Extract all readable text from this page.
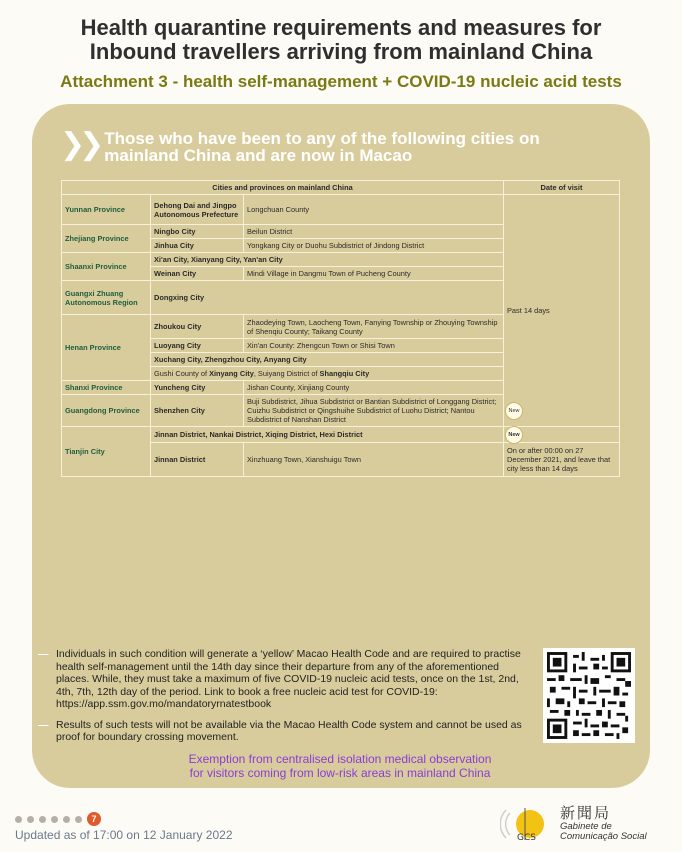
Health quarantine requirements and measures for
Inbound travellers arriving from mainland China
Attachment 3 - health self-management + COVID-19 nucleic acid tests
❯❯ Those who have been to any of the following cities on
mainland China and are now in Macao
Cities and provinces on mainland China			Date of visit
Yunnan Province	Dehong Dai and Jingpo Autonomous Prefecture	Longchuan County	Past 14 days
Zhejiang Province	Ningbo City	Beilun District	
	Jinhua City	Yongkang City or Duohu Subdistrict of Jindong District	
Shaanxi Province	Xi'an City, Xianyang City, Yan'an City		
	Weinan City	Mindi Village in Dangmu Town of Pucheng County	
Guangxi Zhuang Autonomous Region	Dongxing City		
Henan Province	Zhoukou City	Zhaodeying Town, Laocheng Town, Fanying Township or Zhouying Township of Shenqiu County; Taikang County	
	Luoyang City	Xin'an County: Zhengcun Town or Shisi Town	
	Xuchang City, Zhengzhou City, Anyang City		
	Gushi County of Xinyang City, Suiyang District of Shangqiu City		
Shanxi Province	Yuncheng City	Jishan County, Xinjiang County	
Guangdong Province	Shenzhen City	Buji Subdistrict, Jihua Subdistrict or Bantian Subdistrict of Longgang District; Cuizhu Subdistrict or Qingshuihe Subdistrict of Luohu District; Nantou Subdistrict of Nanshan District
New	

Tianjin City	Jinnan District, Nankai District, Xiqing District, Hexi District New		

	Jinnan District	Xinzhuang Town, Xianshuigu Town	On or after 00:00 on 27 December 2021, and leave that city less than 14 days
— Individuals in such condition will generate a ‘yellow’ Macao Health Code and are required to practise health self-management until the 14th day since their departure from any of the aforementioned places. While, they must take a maximum of five COVID-19 nucleic acid tests, once on the 1st, 2nd, 4th, 7th, 12th day of the period. Link to book a free nucleic acid test for COVID-19: https://app.ssm.gov.mo/mandatoryrnatestbook
— Results of such tests will not be available via the Macao Health Code system and cannot be used as proof for boundary crossing movement.
Exemption from centralised isolation medical observation
for visitors coming from low-risk areas in mainland China
7
Updated as of 17:00 on 12 January 2022	GCS
新聞局
Gabinete de
Comunicação Social
